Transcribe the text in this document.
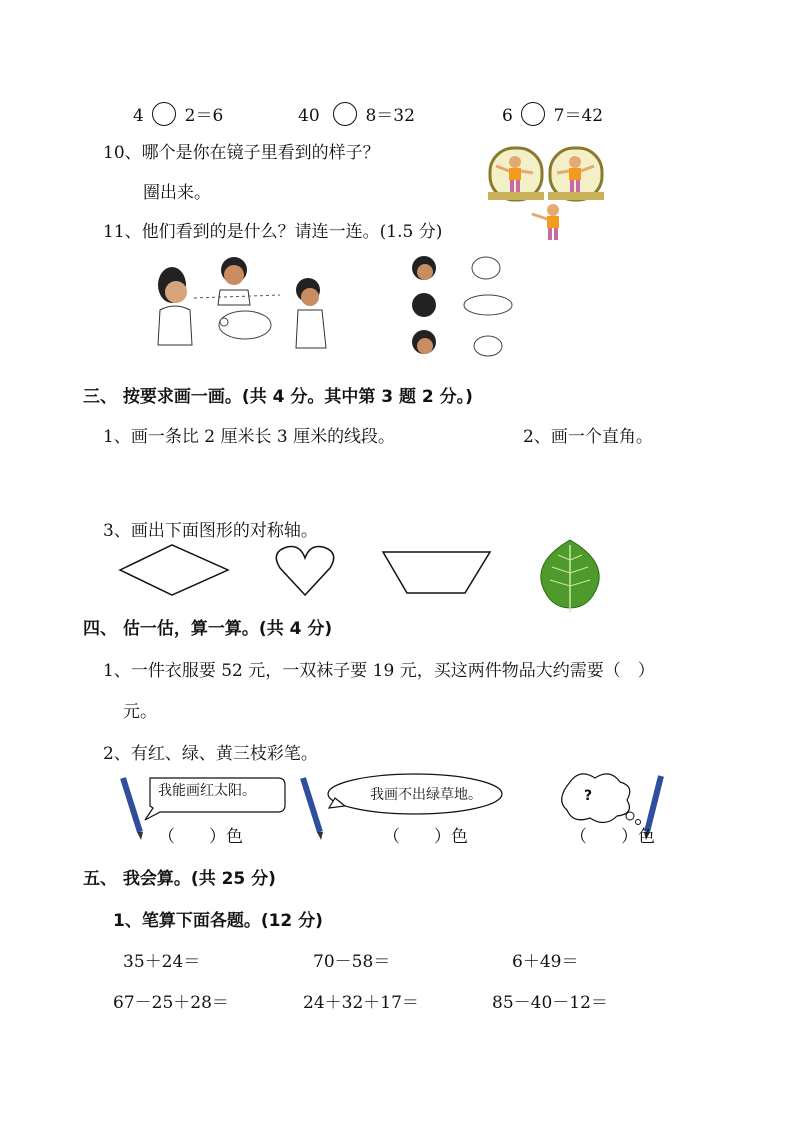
4 2＝6	40	8＝32	6 7＝42
10、哪个是你在镜子里看到的样子？
圈出来。
11、他们看到的是什么？请连一连。(1.5 分)
三、 按要求画一画。(共 4 分。其中第 3 题 2 分。)
1、画一条比 2 厘米长 3 厘米的线段。	2、画一个直角。
3、画出下面图形的对称轴。
四、 估一估，算一算。(共 4 分)
1、一件衣服要 52 元，一双袜子要 19 元，买这两件物品大约需要（　）
元。
2、有红、绿、黄三枝彩笔。
我能画红太阳。	我画不出绿草地。	?
（　　）色	（　　）色	（　　）色
五、 我会算。(共 25 分)
1、笔算下面各题。(12 分)
35＋24＝	70－58＝	6＋49＝
67－25＋28＝	24＋32＋17＝	85－40－12＝
